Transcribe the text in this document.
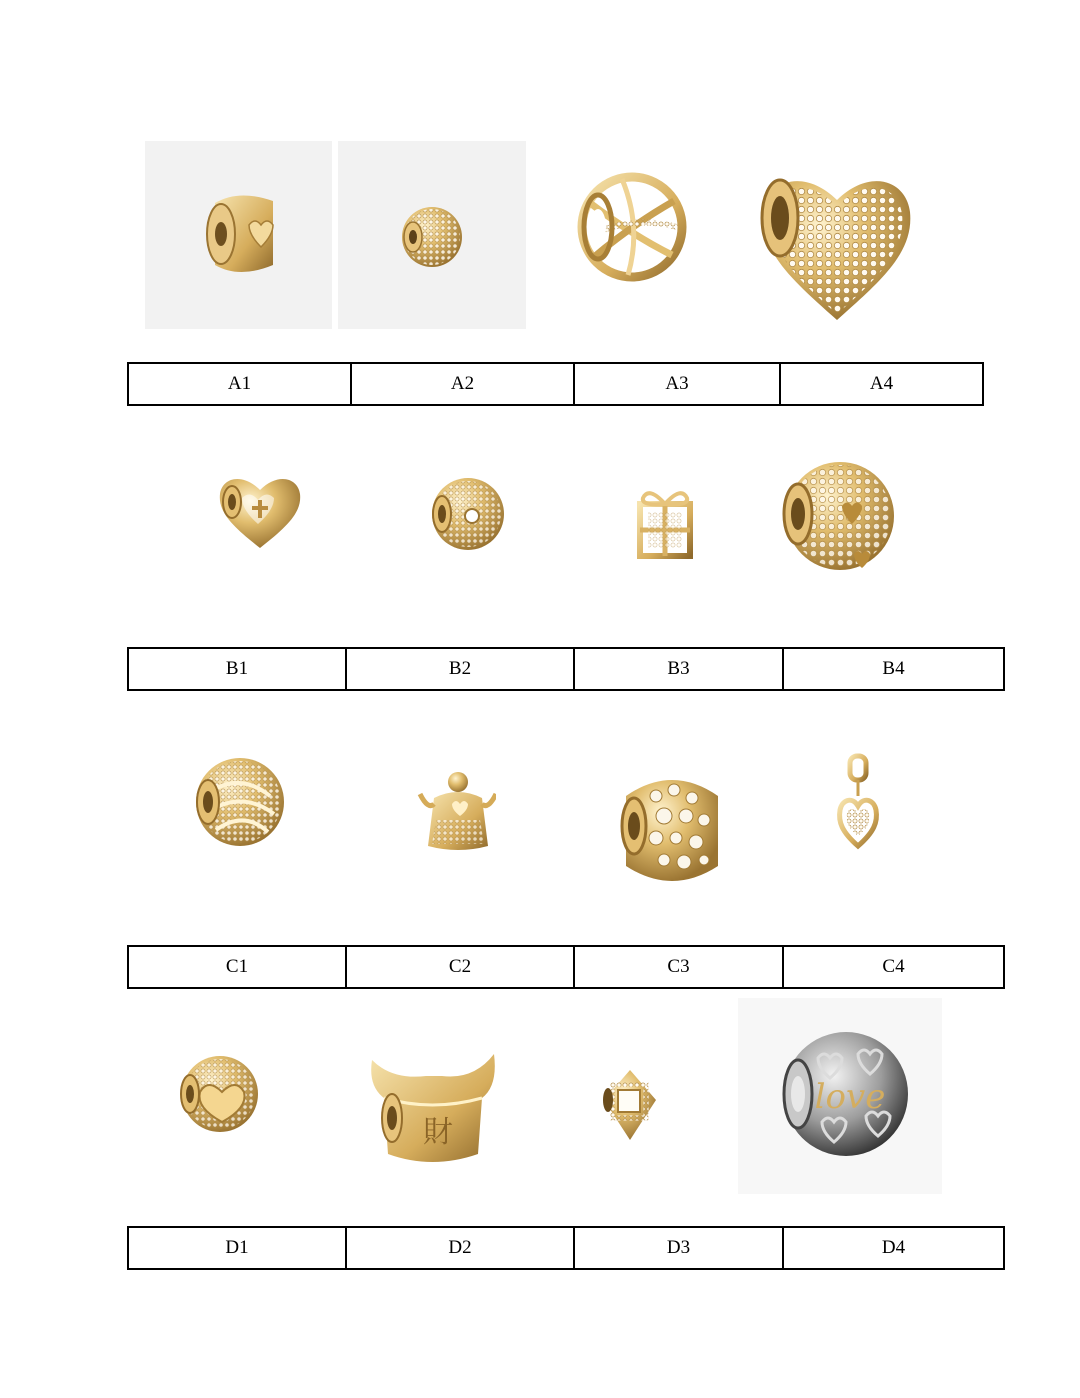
A1	A2	A3	A4
B1	B2	B3	B4
C1	C2	C3	C4
財
love
D1	D2	D3	D4
